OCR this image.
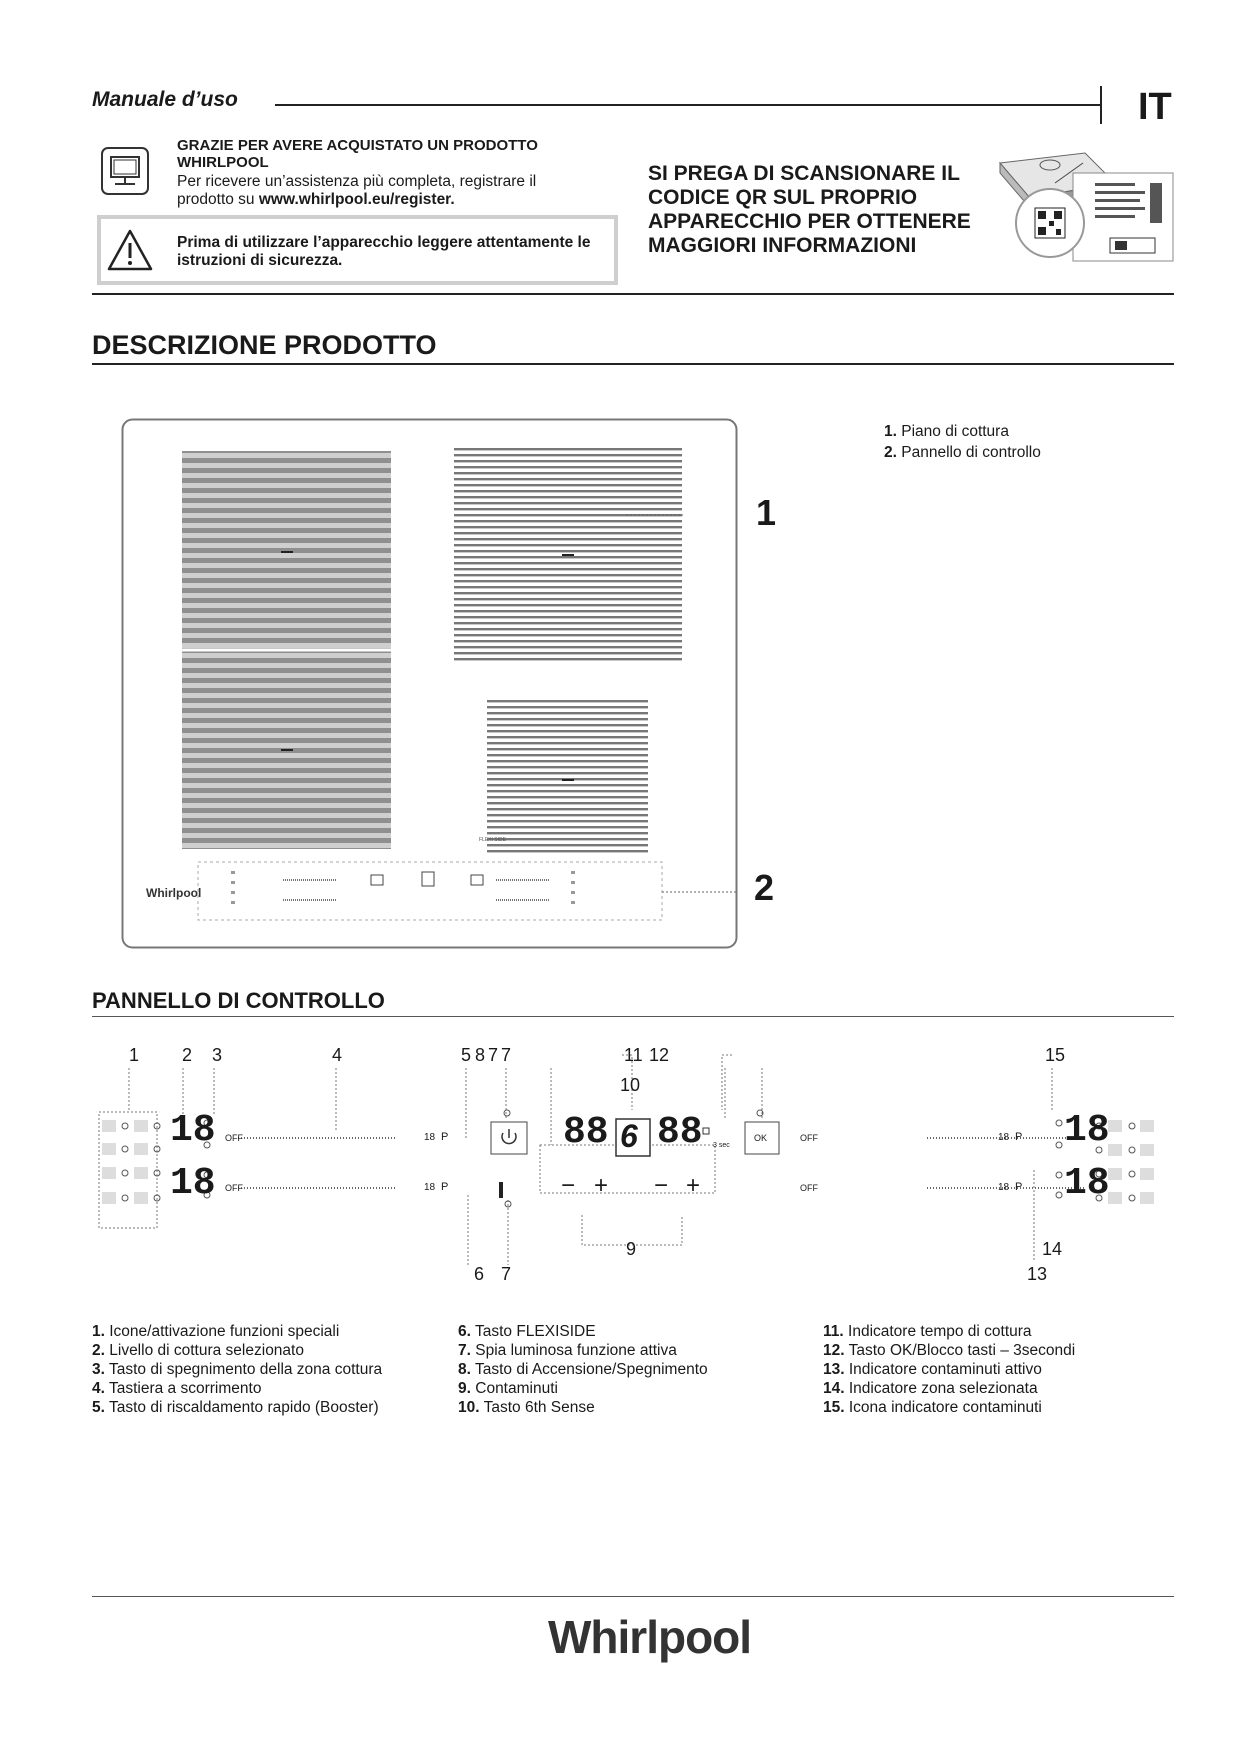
Manuale d’uso	IT
GRAZIE PER AVERE ACQUISTATO UN PRODOTTO WHIRLPOOL
Per ricevere un’assistenza più completa, registrare il prodotto su www.whirlpool.eu/register.
Prima di utilizzare l’apparecchio leggere attentamente le istruzioni di sicurezza.
SI PREGA DI SCANSIONARE IL CODICE QR SUL PROPRIO APPARECCHIO PER OTTENERE MAGGIORI INFORMAZIONI
DESCRIZIONE PRODOTTO
FLEXI SIDE
Whirlpool
1
2
1. Piano di cottura
2. Pannello di controllo
PANNELLO DI CONTROLLO
1 2 3	4	5 8 7 7	11 12	15
10
6 7
9	14
13
18
18
18
18
88 88
6
OFF
OFF
OFF
OFF
18
18
18
18
P
P
P
P
OK
3 sec
− + − +
1. Icone/attivazione funzioni speciali
2. Livello di cottura selezionato
3. Tasto di spegnimento della zona cottura
4. Tastiera a scorrimento
5. Tasto di riscaldamento rapido (Booster)
6. Tasto FLEXISIDE
7. Spia luminosa funzione attiva
8. Tasto di Accensione/Spegnimento
9. Contaminuti
10. Tasto 6th Sense
11. Indicatore tempo di cottura
12. Tasto OK/Blocco tasti – 3secondi
13. Indicatore contaminuti attivo
14. Indicatore zona selezionata
15. Icona indicatore contaminuti
Whirlpool
